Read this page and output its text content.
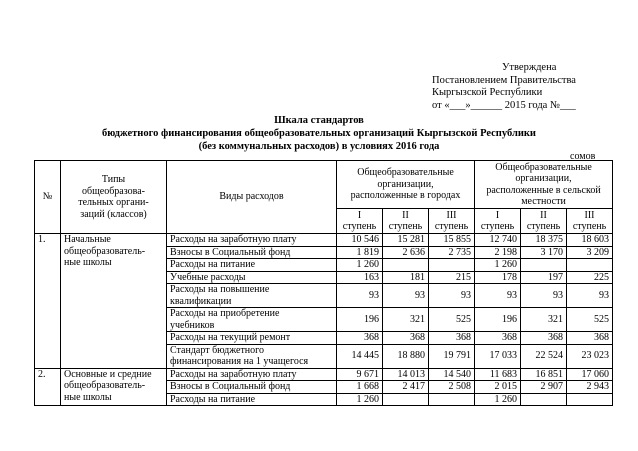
Утверждена
Постановлением Правительства
Кыргызской Республики
от «___»______ 2015 года №___
Шкала стандартов
бюджетного финансирования общеобразовательных организаций Кыргызской Республики
(без коммунальных расходов) в условиях 2016 года
сомов
№	Типы
общеобразова-
тельных органи-
заций (классов)	Виды расходов	Общеобразовательные
организации,
расположенные в городах			Общеобразовательные
организации,
расположенные в сельской
местности		
			I
ступень	II
ступень	III
ступень	I
ступень	II
ступень	III
ступень
1.	Начальные
общеобразователь-
ные школы	Расходы на заработную плату	10 546	15 281	15 855	12 740	18 375	18 603
		Взносы в Социальный фонд	1 819	2 636	2 735	2 198	3 170	3 209
		Расходы на питание	1 260			1 260		
		Учебные расходы	163	181	215	178	197	225
		Расходы на повышение
квалификации	93	93	93	93	93	93
		Расходы на приобретение
учебников	196	321	525	196	321	525
		Расходы на текущий ремонт	368	368	368	368	368	368
		Стандарт бюджетного
финансирования на 1 учащегося	14 445	18 880	19 791	17 033	22 524	23 023
2.	Основные и средние
общеобразователь-
ные школы	Расходы на заработную плату	9 671	14 013	14 540	11 683	16 851	17 060
		Взносы в Социальный фонд	1 668	2 417	2 508	2 015	2 907	2 943
		Расходы на питание	1 260			1 260		
